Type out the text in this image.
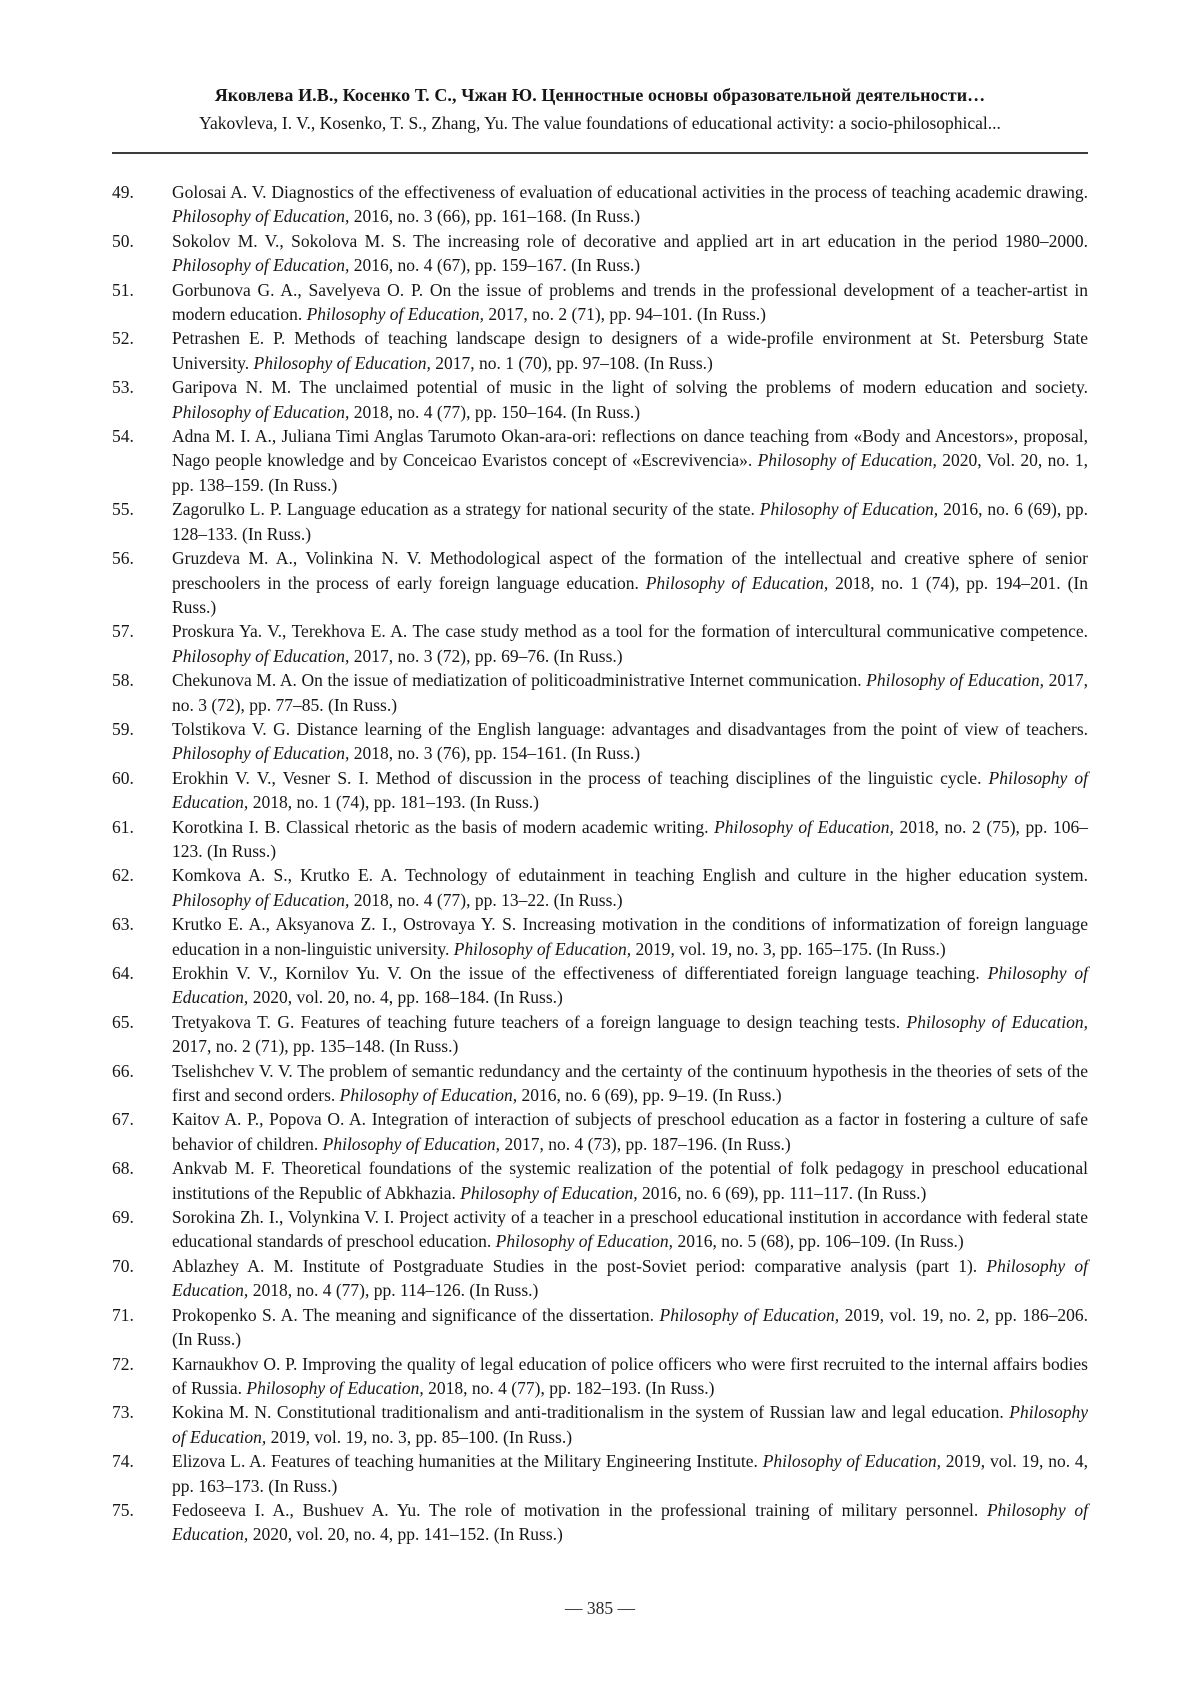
Яковлева И.В., Косенко Т. С., Чжан Ю. Ценностные основы образовательной деятельности…
Yakovleva, I. V., Kosenko, T. S., Zhang, Yu. The value foundations of educational activity: a socio-philosophical...
49. Golosai A. V. Diagnostics of the effectiveness of evaluation of educational activities in the process of teaching academic drawing. Philosophy of Education, 2016, no. 3 (66), pp. 161–168. (In Russ.)
50. Sokolov M. V., Sokolova M. S. The increasing role of decorative and applied art in art education in the period 1980–2000. Philosophy of Education, 2016, no. 4 (67), pp. 159–167. (In Russ.)
51. Gorbunova G. A., Savelyeva O. P. On the issue of problems and trends in the professional development of a teacher-artist in modern education. Philosophy of Education, 2017, no. 2 (71), pp. 94–101. (In Russ.)
52. Petrashen E. P. Methods of teaching landscape design to designers of a wide-profile environment at St. Petersburg State University. Philosophy of Education, 2017, no. 1 (70), pp. 97–108. (In Russ.)
53. Garipova N. M. The unclaimed potential of music in the light of solving the problems of modern education and society. Philosophy of Education, 2018, no. 4 (77), pp. 150–164. (In Russ.)
54. Adna M. I. A., Juliana Timi Anglas Tarumoto Okan-ara-ori: reflections on dance teaching from «Body and Ancestors», proposal, Nago people knowledge and by Conceicao Evaristos concept of «Escrevivencia». Philosophy of Education, 2020, Vol. 20, no. 1, pp. 138–159. (In Russ.)
55. Zagorulko L. P. Language education as a strategy for national security of the state. Philosophy of Education, 2016, no. 6 (69), pp. 128–133. (In Russ.)
56. Gruzdeva M. A., Volinkina N. V. Methodological aspect of the formation of the intellectual and creative sphere of senior preschoolers in the process of early foreign language education. Philosophy of Education, 2018, no. 1 (74), pp. 194–201. (In Russ.)
57. Proskura Ya. V., Terekhova E. A. The case study method as a tool for the formation of intercultural communicative competence. Philosophy of Education, 2017, no. 3 (72), pp. 69–76. (In Russ.)
58. Chekunova M. A. On the issue of mediatization of politicoadministrative Internet communication. Philosophy of Education, 2017, no. 3 (72), pp. 77–85. (In Russ.)
59. Tolstikova V. G. Distance learning of the English language: advantages and disadvantages from the point of view of teachers. Philosophy of Education, 2018, no. 3 (76), pp. 154–161. (In Russ.)
60. Erokhin V. V., Vesner S. I. Method of discussion in the process of teaching disciplines of the linguistic cycle. Philosophy of Education, 2018, no. 1 (74), pp. 181–193. (In Russ.)
61. Korotkina I. B. Classical rhetoric as the basis of modern academic writing. Philosophy of Education, 2018, no. 2 (75), pp. 106–123. (In Russ.)
62. Komkova A. S., Krutko E. A. Technology of edutainment in teaching English and culture in the higher education system. Philosophy of Education, 2018, no. 4 (77), pp. 13–22. (In Russ.)
63. Krutko E. A., Aksyanova Z. I., Ostrovaya Y. S. Increasing motivation in the conditions of informatization of foreign language education in a non-linguistic university. Philosophy of Education, 2019, vol. 19, no. 3, pp. 165–175. (In Russ.)
64. Erokhin V. V., Kornilov Yu. V. On the issue of the effectiveness of differentiated foreign language teaching. Philosophy of Education, 2020, vol. 20, no. 4, pp. 168–184. (In Russ.)
65. Tretyakova T. G. Features of teaching future teachers of a foreign language to design teaching tests. Philosophy of Education, 2017, no. 2 (71), pp. 135–148. (In Russ.)
66. Tselishchev V. V. The problem of semantic redundancy and the certainty of the continuum hypothesis in the theories of sets of the first and second orders. Philosophy of Education, 2016, no. 6 (69), pp. 9–19. (In Russ.)
67. Kaitov A. P., Popova O. A. Integration of interaction of subjects of preschool education as a factor in fostering a culture of safe behavior of children. Philosophy of Education, 2017, no. 4 (73), pp. 187–196. (In Russ.)
68. Ankvab M. F. Theoretical foundations of the systemic realization of the potential of folk pedagogy in preschool educational institutions of the Republic of Abkhazia. Philosophy of Education, 2016, no. 6 (69), pp. 111–117. (In Russ.)
69. Sorokina Zh. I., Volynkina V. I. Project activity of a teacher in a preschool educational institution in accordance with federal state educational standards of preschool education. Philosophy of Education, 2016, no. 5 (68), pp. 106–109. (In Russ.)
70. Ablazhey A. M. Institute of Postgraduate Studies in the post-Soviet period: comparative analysis (part 1). Philosophy of Education, 2018, no. 4 (77), pp. 114–126. (In Russ.)
71. Prokopenko S. A. The meaning and significance of the dissertation. Philosophy of Education, 2019, vol. 19, no. 2, pp. 186–206. (In Russ.)
72. Karnaukhov O. P. Improving the quality of legal education of police officers who were first recruited to the internal affairs bodies of Russia. Philosophy of Education, 2018, no. 4 (77), pp. 182–193. (In Russ.)
73. Kokina M. N. Constitutional traditionalism and anti-traditionalism in the system of Russian law and legal education. Philosophy of Education, 2019, vol. 19, no. 3, pp. 85–100. (In Russ.)
74. Elizova L. A. Features of teaching humanities at the Military Engineering Institute. Philosophy of Education, 2019, vol. 19, no. 4, pp. 163–173. (In Russ.)
75. Fedoseeva I. A., Bushuev A. Yu. The role of motivation in the professional training of military personnel. Philosophy of Education, 2020, vol. 20, no. 4, pp. 141–152. (In Russ.)
— 385 —
